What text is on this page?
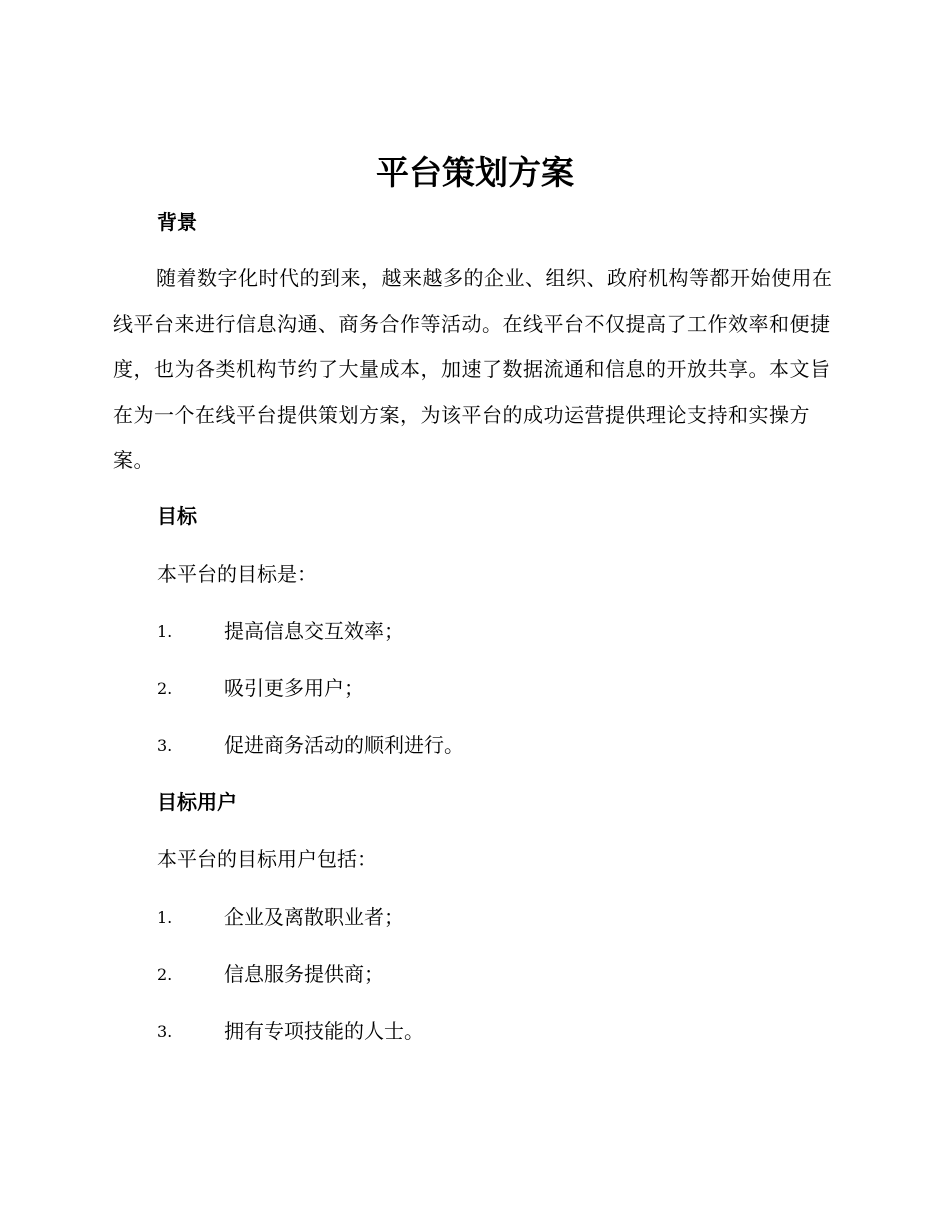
平台策划方案
背景

随着数字化时代的到来，越来越多的企业、组织、政府机构等都开始使用在线平台来进行信息沟通、商务合作等活动。在线平台不仅提高了工作效率和便捷度，也为各类机构节约了大量成本，加速了数据流通和信息的开放共享。本文旨在为一个在线平台提供策划方案，为该平台的成功运营提供理论支持和实操方案。

目标

本平台的目标是：

1.	提高信息交互效率；
2.	吸引更多用户；
3.	促进商务活动的顺利进行。
目标用户

本平台的目标用户包括：

1.	企业及离散职业者；
2.	信息服务提供商；
3.	拥有专项技能的人士。
